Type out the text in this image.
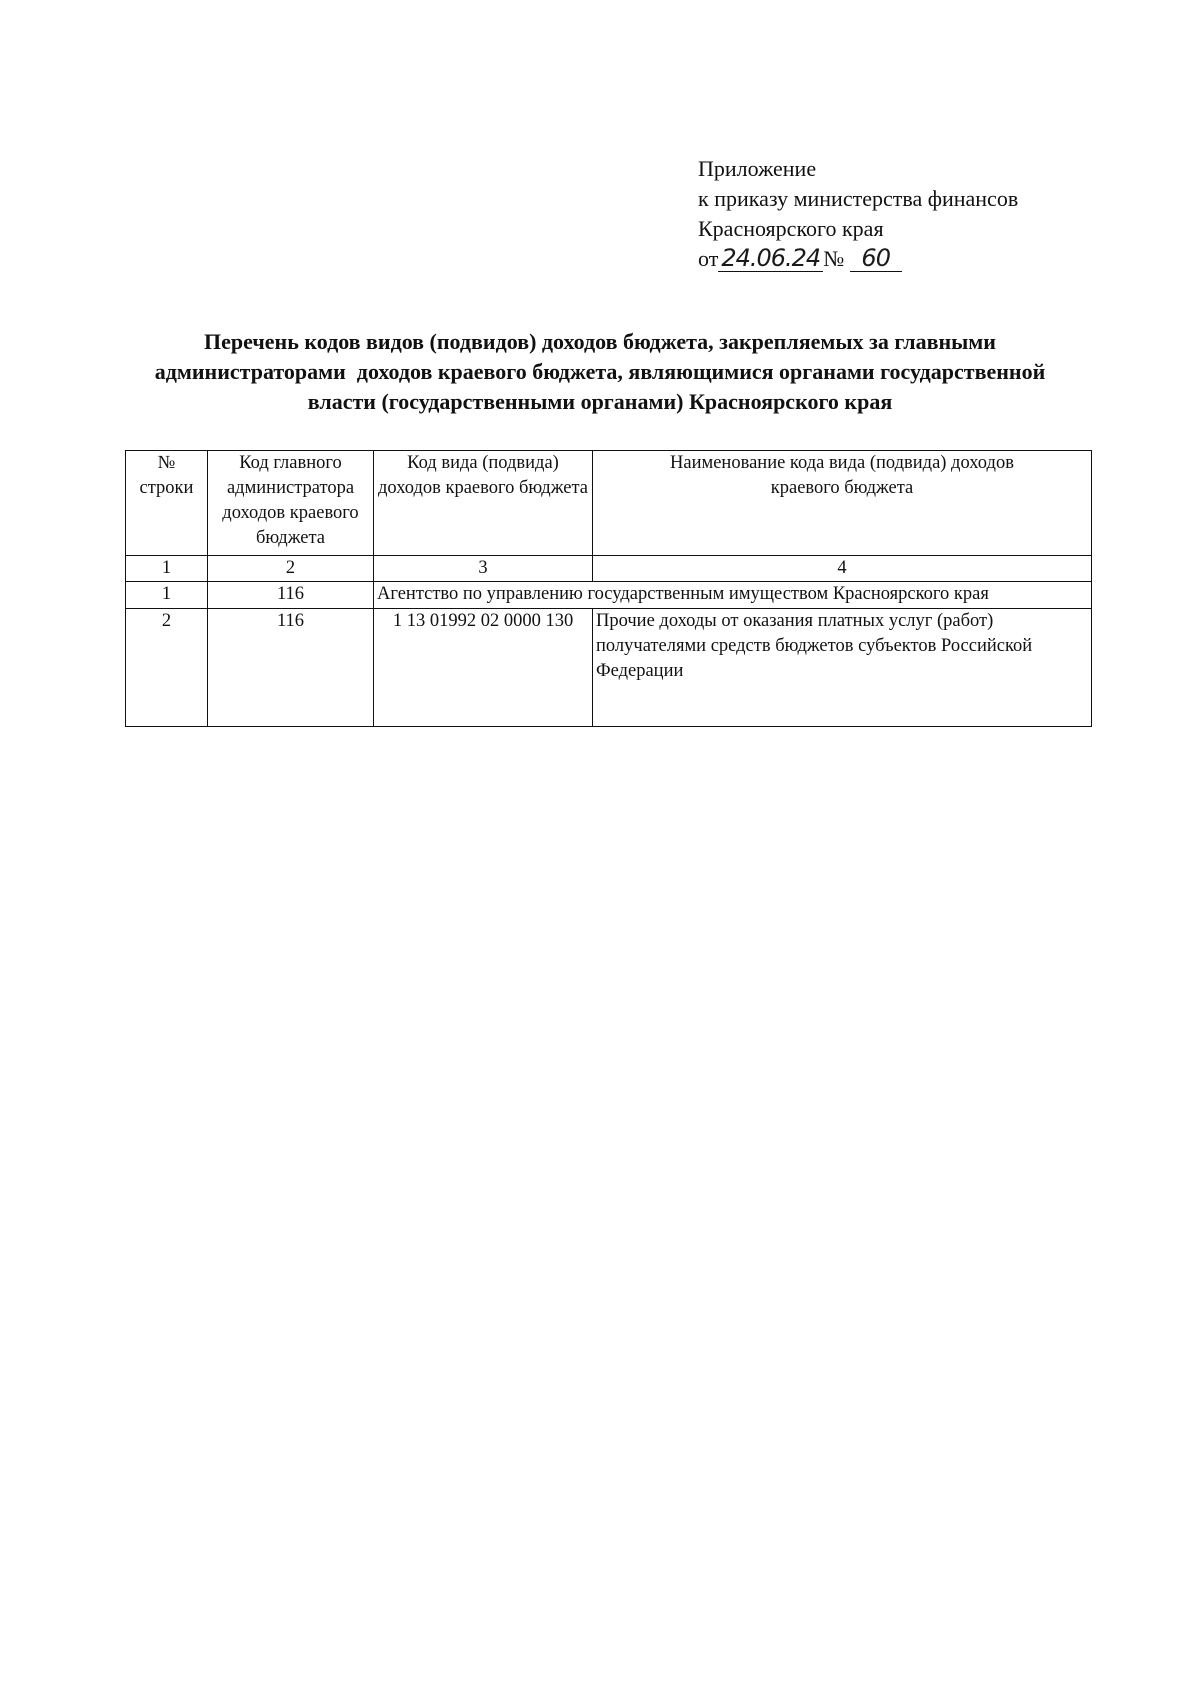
Приложение
к приказу министерства финансов
Красноярского края
от 24.06.24 № 60
Перечень кодов видов (подвидов) доходов бюджета, закрепляемых за главными
администраторами  доходов краевого бюджета, являющимися органами государственной
власти (государственными органами) Красноярского края
№ строки	Код главного администратора доходов краевого бюджета	Код вида (подвида) доходов краевого бюджета	Наименование кода вида (подвида) доходов краевого бюджета
1	2	3	4
1	116	Агентство по управлению государственным имуществом Красноярского края	
2	116	1 13 01992 02 0000 130	Прочие доходы от оказания платных услуг (работ) получателями средств бюджетов субъектов Российской Федерации
